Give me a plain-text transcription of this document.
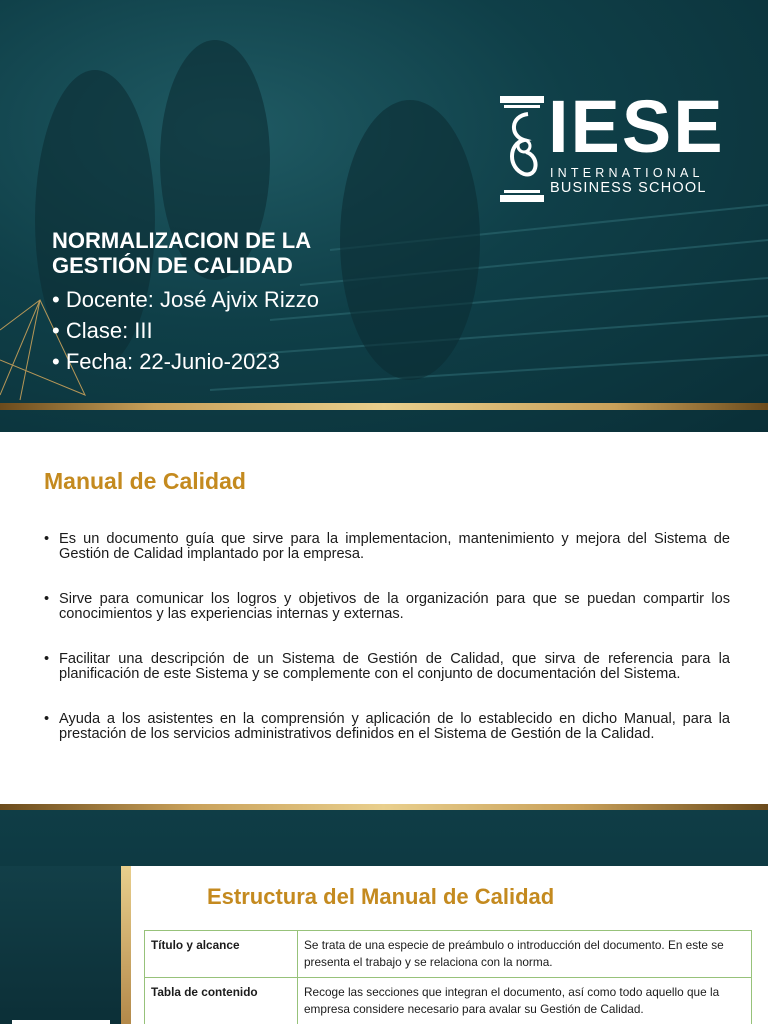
IESE
INTERNATIONAL
BUSINESS SCHOOL
NORMALIZACION DE LA GESTIÓN DE CALIDAD
• Docente: José Ajvix Rizzo
• Clase: III
• Fecha: 22-Junio-2023
Manual de Calidad
• Es un documento guía que sirve para la implementacion, mantenimiento y mejora del Sistema de Gestión de Calidad implantado por la empresa.
• Sirve para comunicar los logros y objetivos de la organización para que se puedan compartir los conocimientos y las experiencias internas y externas.
• Facilitar una descripción de un Sistema de Gestión de Calidad, que sirva de referencia para la planificación de este Sistema y se complemente con el conjunto de documentación del Sistema.
• Ayuda a los asistentes en la comprensión y aplicación de lo establecido en dicho Manual, para la prestación de los servicios administrativos definidos en el Sistema de Gestión de la Calidad.
Estructura del Manual de Calidad
Título y alcance	Se trata de una especie de preámbulo o introducción del documento. En este se presenta el trabajo y se relaciona con la norma.
Tabla de contenido	Recoge las secciones que integran el documento, así como todo aquello que la empresa considere necesario para avalar su Gestión de Calidad.
